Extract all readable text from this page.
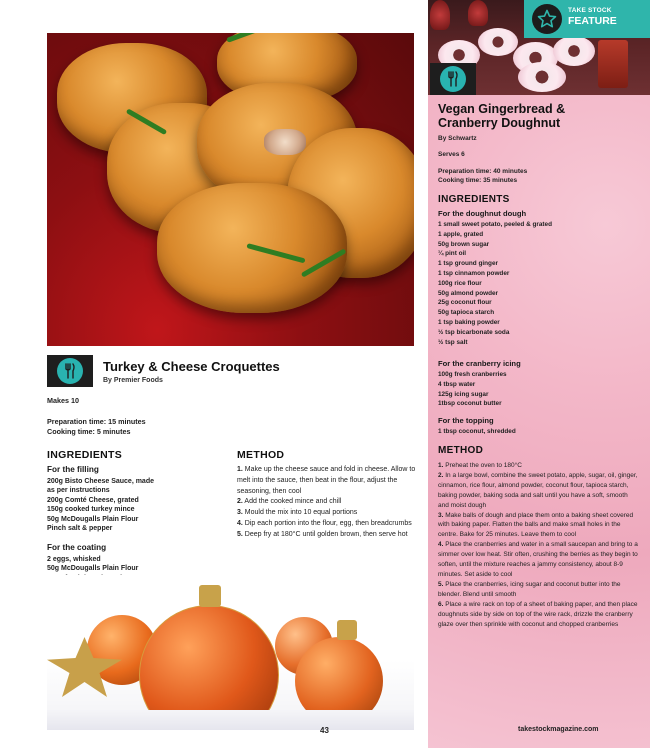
Turkey & Cheese Croquettes
By Premier Foods
Makes 10
Preparation time: 15 minutes
Cooking time: 5 minutes
INGREDIENTS
For the filling
200g Bisto Cheese Sauce, made
as per instructions
200g Comté Cheese, grated
150g cooked turkey mince
50g McDougalls Plain Flour
Pinch salt & pepper
For the coating
2 eggs, whisked
50g McDougalls Plain Flour
METHOD
1. Make up the cheese sauce and fold in cheese. Allow to melt into the sauce, then beat in the flour, adjust the seasoning, then cool
2. Add the cooked mince and chill
3. Mould the mix into 10 equal portions
4. Dip each portion into the flour, egg, then breadcrumbs
5. Deep fry at 180°C until golden brown, then serve hot
43
TAKE STOCK
FEATURE
Vegan Gingerbread &
Cranberry Doughnut
By Schwartz
Serves 6
Preparation time: 40 minutes
Cooking time: 35 minutes
INGREDIENTS
For the doughnut dough
1 small sweet potato, peeled & grated
1 apple, grated
50g brown sugar
¼ pint oil
1 tsp ground ginger
1 tsp cinnamon powder
100g rice flour
50g almond powder
25g coconut flour
50g tapioca starch
1 tsp baking powder
½ tsp bicarbonate soda
½ tsp salt
For the cranberry icing
100g fresh cranberries
4 tbsp water
125g icing sugar
1tbsp coconut butter
For the topping
1 tbsp coconut, shredded
METHOD
1. Preheat the oven to 180°C
2. In a large bowl, combine the sweet potato, apple, sugar, oil, ginger, cinnamon, rice flour, almond powder, coconut flour, tapioca starch, baking powder, baking soda and salt until you have a soft, smooth and moist dough
3. Make balls of dough and place them onto a baking sheet covered with baking paper. Flatten the balls and make small holes in the centre. Bake for 25 minutes. Leave them to cool
4. Place the cranberries and water in a small saucepan and bring to a simmer over low heat. Stir often, crushing the berries as they begin to soften, until the mixture reaches a jammy consistency, about 8-9 minutes. Set aside to cool
5. Place the cranberries, icing sugar and coconut butter into the blender. Blend until smooth
6. Place a wire rack on top of a sheet of baking paper, and then place doughnuts side by side on top of the wire rack, drizzle the cranberry glaze over then sprinkle with coconut and chopped cranberries
takestockmagazine.com
